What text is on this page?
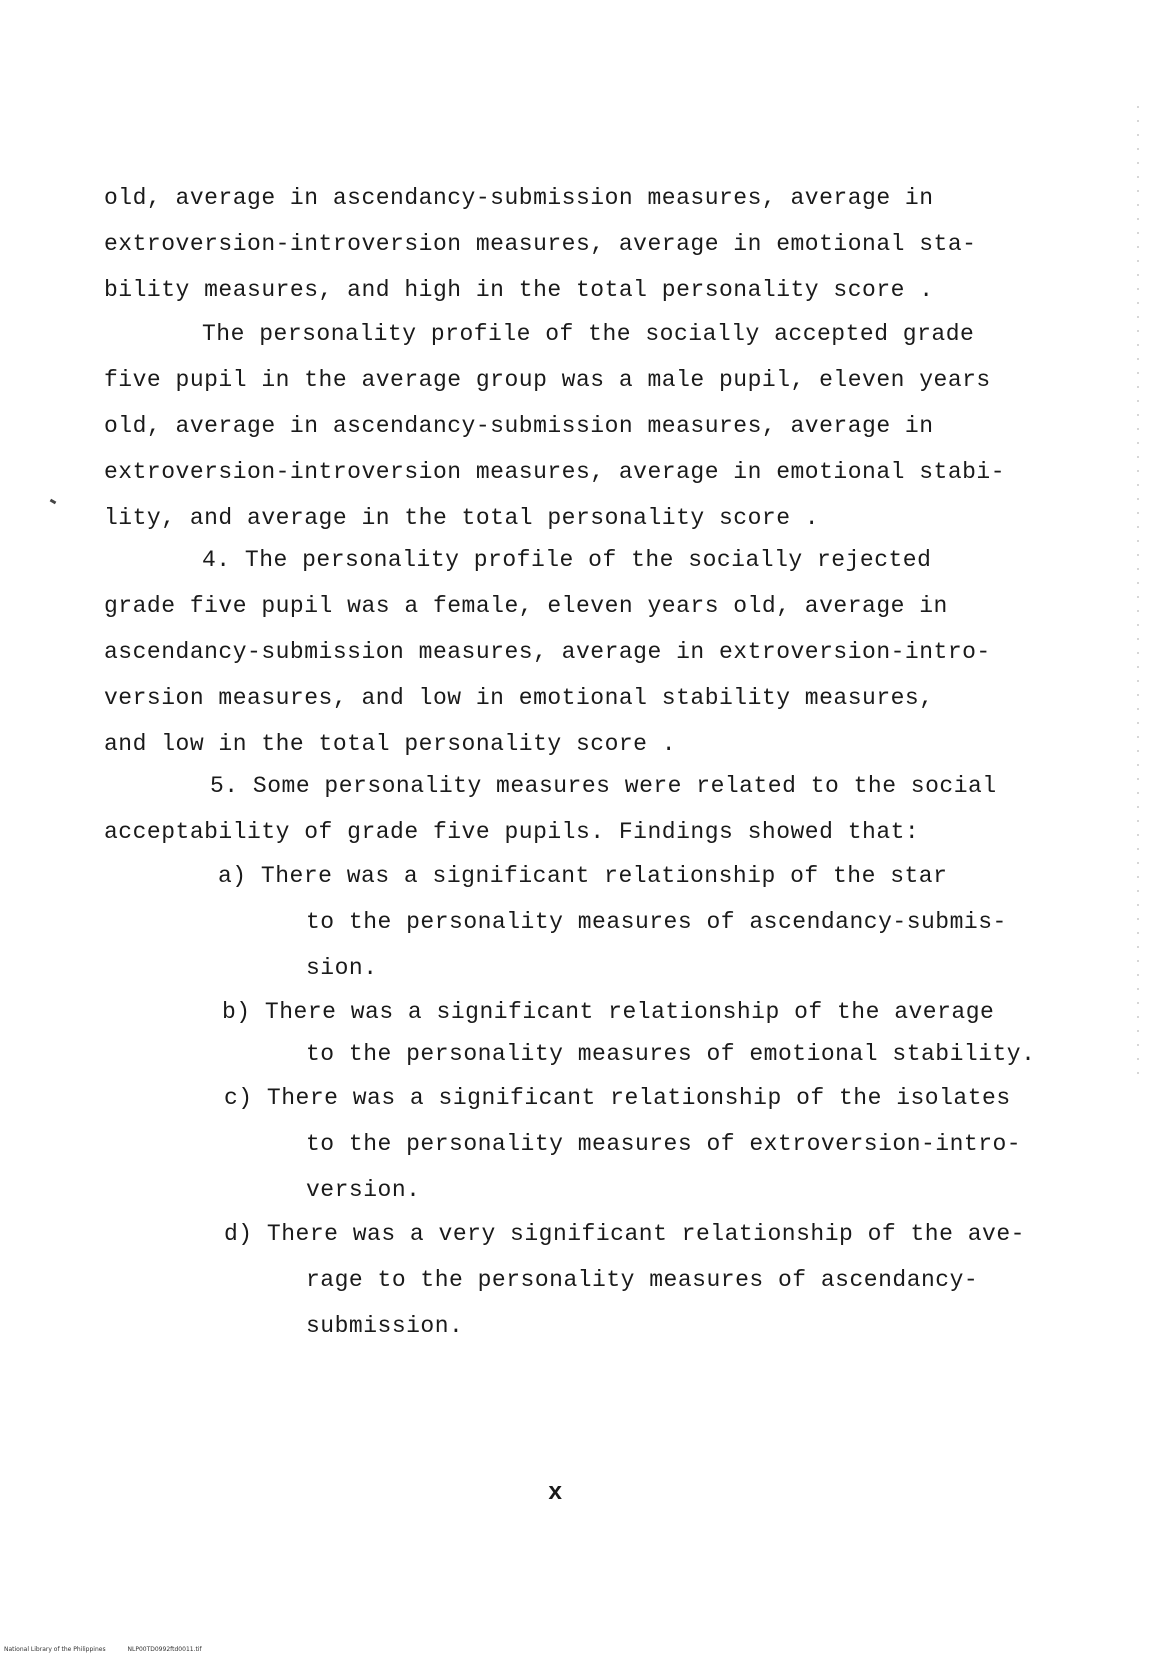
old, average in ascendancy-submission measures, average in
extroversion-introversion measures, average in emotional sta-
bility measures, and high in the total personality score .
The personality profile of the socially accepted grade
five pupil in the average group was a male pupil, eleven years
old, average in ascendancy-submission measures, average in
extroversion-introversion measures, average in emotional stabi-
lity, and average in the total personality score .
4. The personality profile of the socially rejected
grade five pupil was a female, eleven years old, average in
ascendancy-submission measures, average in extroversion-intro-
version measures, and low in emotional stability measures,
and low in the total personality score .
5. Some personality measures were related to the social
acceptability of grade five pupils. Findings showed that:
a) There was a significant relationship of the star
to the personality measures of ascendancy-submis-
sion.
b) There was a significant relationship of the average
to the personality measures of emotional stability.
c) There was a significant relationship of the isolates
to the personality measures of extroversion-intro-
version.
d) There was a very significant relationship of the ave-
rage to the personality measures of ascendancy-
submission.
x
National Library of the Philippines	NLP00TD0992ftd0011.tif
